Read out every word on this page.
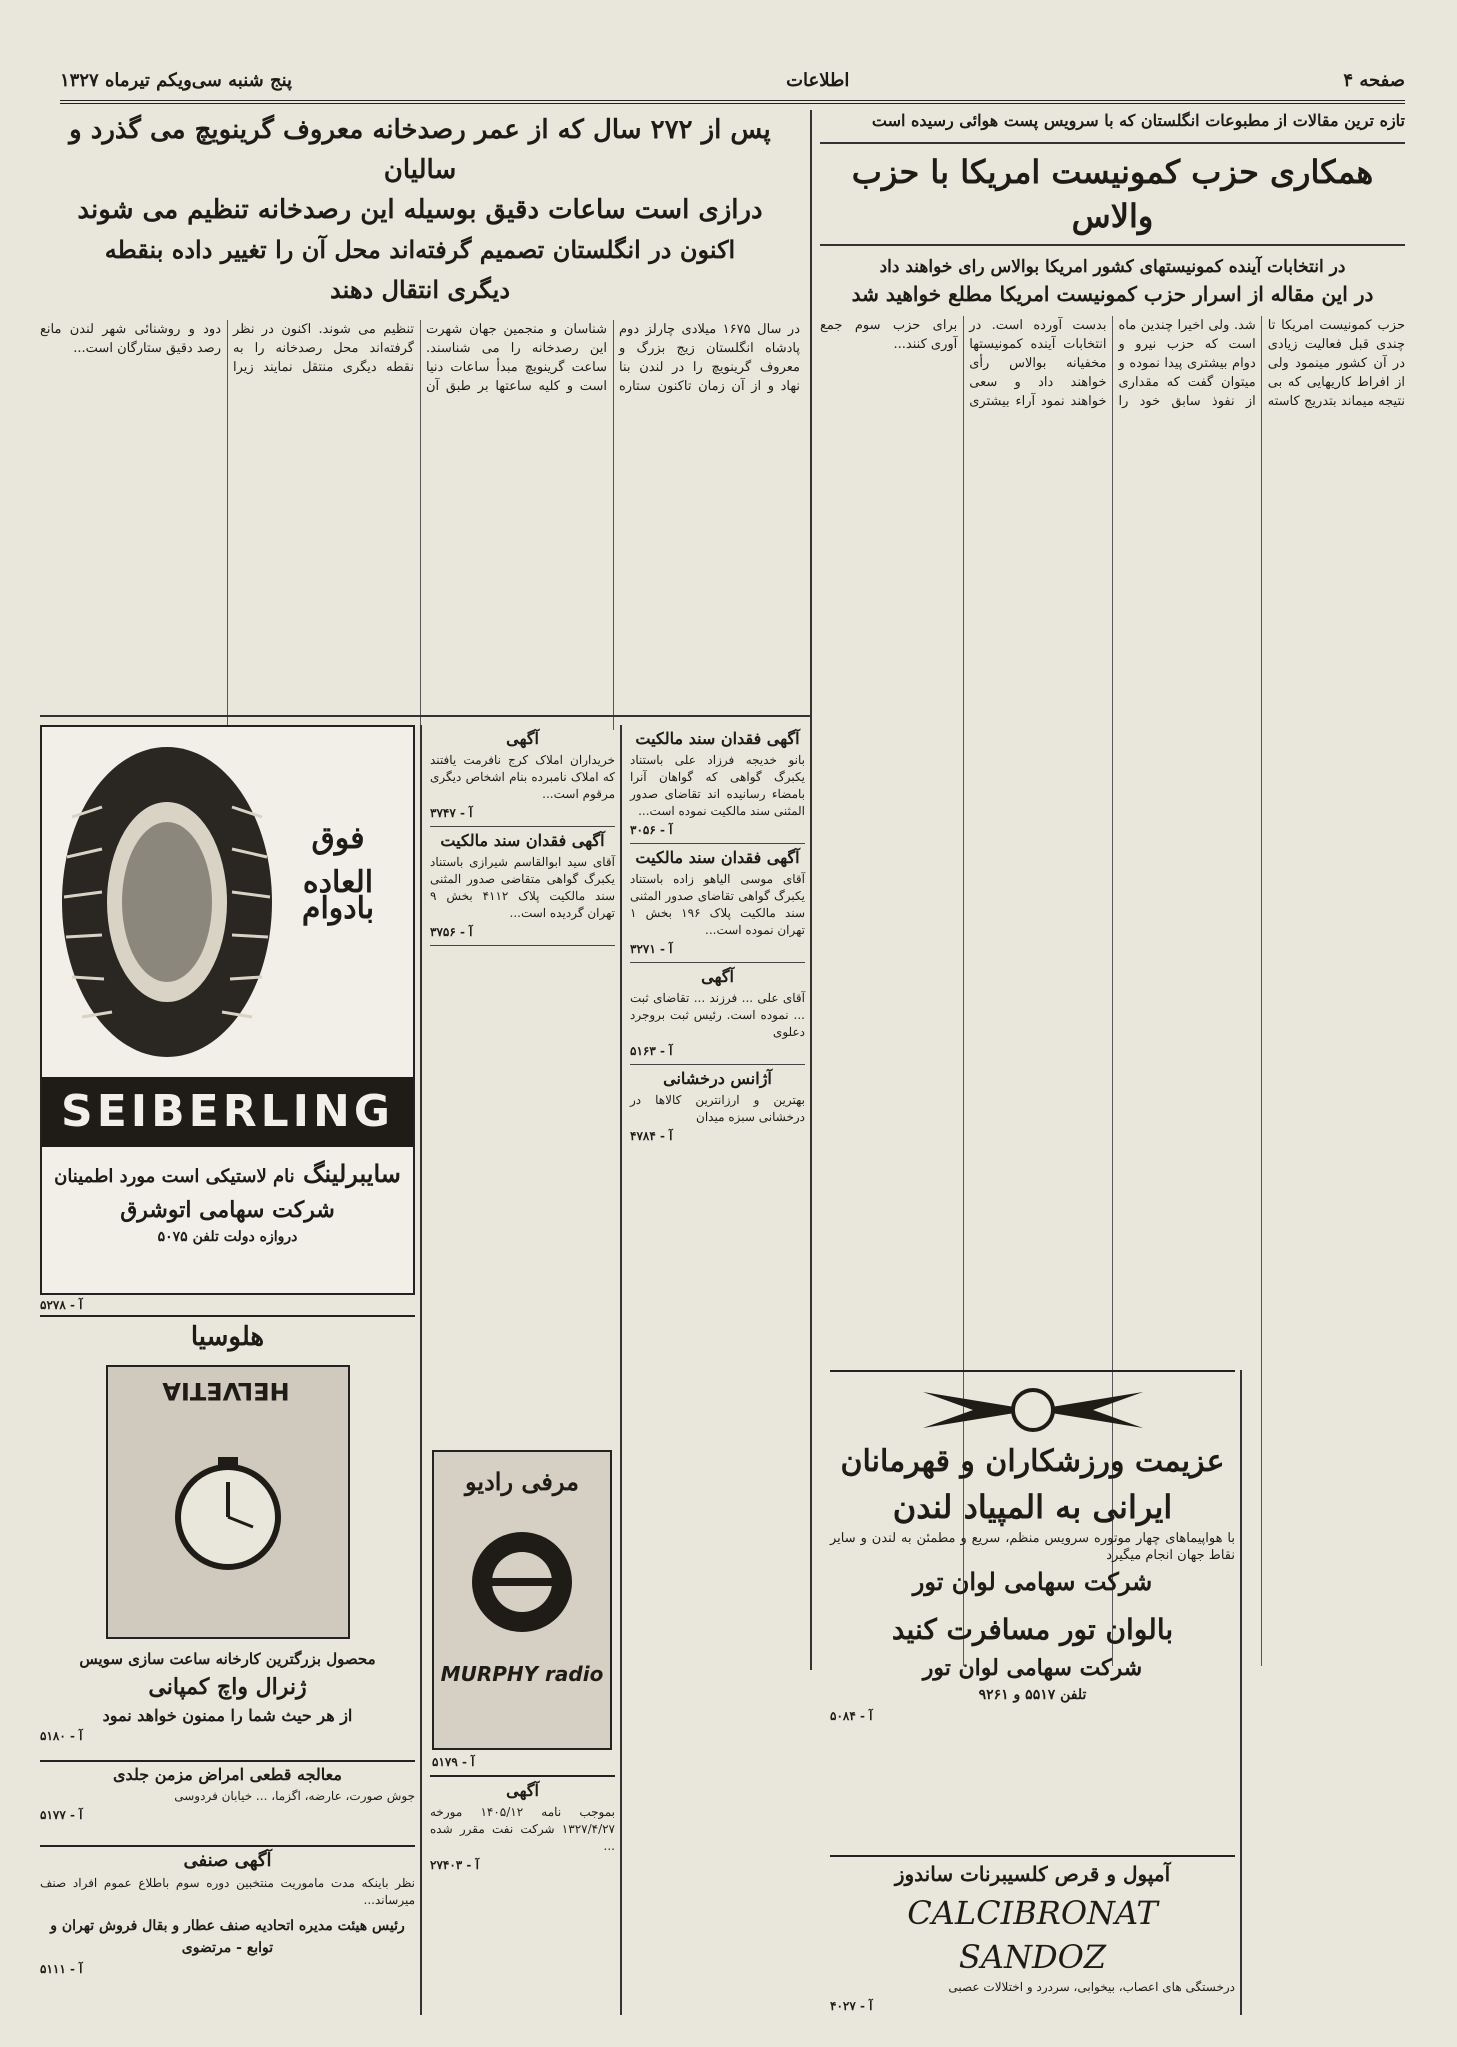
صفحه ۴
اطلاعات
پنج شنبه سی‌ویکم تیرماه ۱۳۲۷
تازه ترین مقالات از مطبوعات انگلستان که با سرویس پست هوائی رسیده است
همکاری حزب کمونیست امریکا با حزب والاس
در انتخابات آینده کمونیستهای کشور امریکا بوالاس رای خواهند داد
در این مقاله از اسرار حزب کمونیست امریکا مطلع خواهید شد
حزب کمونیست امریکا تا چندی قبل فعالیت زیادی در آن کشور مینمود ولی از افراط کاریهایی که بی نتیجه میماند بتدریج کاسته شد. ولی اخیرا چندین ماه است که حزب نیرو و دوام بیشتری پیدا نموده و میتوان گفت که مقداری از نفوذ سابق خود را بدست آورده است. در انتخابات آینده کمونیستها مخفیانه بوالاس رأی خواهند داد و سعی خواهند نمود آراء بیشتری برای حزب سوم جمع آوری کنند...
پس از ۲۷۲ سال که از عمر رصدخانه معروف گرینویچ می گذرد و سالیان
درازی است ساعات دقیق بوسیله این رصدخانه تنظیم می شوند
اکنون در انگلستان تصمیم گرفته‌اند محل آن را تغییر داده بنقطه
دیگری انتقال دهند
در سال ۱۶۷۵ میلادی چارلز دوم پادشاه انگلستان زیج بزرگ و معروف گرینویچ را در لندن بنا نهاد و از آن زمان تاکنون ستاره شناسان و منجمین جهان شهرت این رصدخانه را می شناسند. ساعت گرینویچ مبدأ ساعات دنیا است و کلیه ساعتها بر طبق آن تنظیم می شوند. اکنون در نظر گرفته‌اند محل رصدخانه را به نقطه دیگری منتقل نمایند زیرا دود و روشنائی شهر لندن مانع رصد دقیق ستارگان است...
فوق العاده
بادوام
SEIBERLING
سایبرلینگ نام لاستیکی است مورد اطمینان
شرکت سهامی اتوشرق
دروازه دولت تلفن ۵۰۷۵
۵۲۷۸ - آ
هلوسیا
HELVETIA
محصول بزرگترین کارخانه ساعت سازی سویس
ژنرال واچ کمپانی
از هر حیث شما را ممنون خواهد نمود
۵۱۸۰ - آ
معالجه قطعی امراض مزمن جلدی
جوش صورت، عارضه، اگزما، ... خیابان فردوسی
۵۱۷۷ - آ
آگهی صنفی
نظر باینکه مدت ماموریت منتخبین دوره سوم باطلاع عموم افراد صنف میرساند...
رئیس هیئت مدیره اتحادیه صنف عطار و بقال فروش تهران و توابع - مرتضوی
۵۱۱۱ - آ
آگهی
خریداران املاک کرج نافرمت یافتند که املاک نامبرده بنام اشخاص دیگری مرقوم است...
۳۷۴۷ - آ
آگهی فقدان سند مالکیت
آقای سید ابوالقاسم شیرازی باستناد یکبرگ گواهی متقاضی صدور المثنی سند مالکیت پلاک ۴۱۱۲ بخش ۹ تهران گردیده است...
۳۷۵۶ - آ
مرفی رادیو
MURPHY radio
۵۱۷۹ - آ
آگهی
بموجب نامه ۱۴۰۵/۱۲ مورخه ۱۳۲۷/۴/۲۷ شرکت نفت مقرر شده ...
۲۷۴۰۳ - آ
آگهی فقدان سند مالکیت
بانو خدیجه فرزاد علی باستناد یکبرگ گواهی که گواهان آنرا بامضاء رسانیده اند تقاضای صدور المثنی سند مالکیت نموده است...
۳۰۵۶ - آ
آگهی فقدان سند مالکیت
آقای موسی الیاهو زاده باستناد یکبرگ گواهی تقاضای صدور المثنی سند مالکیت پلاک ۱۹۶ بخش ۱ تهران نموده است...
۳۲۷۱ - آ
آگهی
آقای علی ... فرزند ... تقاضای ثبت ... نموده است. رئیس ثبت بروجرد دعلوی
۵۱۶۳ - آ
آژانس درخشانی
بهترین و ارزانترین کالاها در درخشانی سبزه میدان
۴۷۸۴ - آ
عزیمت ورزشکاران و قهرمانان
ایرانی به المپیاد لندن
با هواپیماهای چهار موتوره سرویس منظم، سریع و مطمئن به لندن و سایر نقاط جهان انجام میگیرد
شرکت سهامی لوان تور
بالوان تور مسافرت کنید
شرکت سهامی لوان تور
تلفن ۵۵۱۷ و ۹۲۶۱
۵۰۸۴ - آ
آمپول و قرص کلسیبرنات ساندوز
CALCIBRONAT SANDOZ
درخستگی های اعصاب، بیخوابی، سردرد و اختلالات عصبی
۴۰۲۷ - آ
